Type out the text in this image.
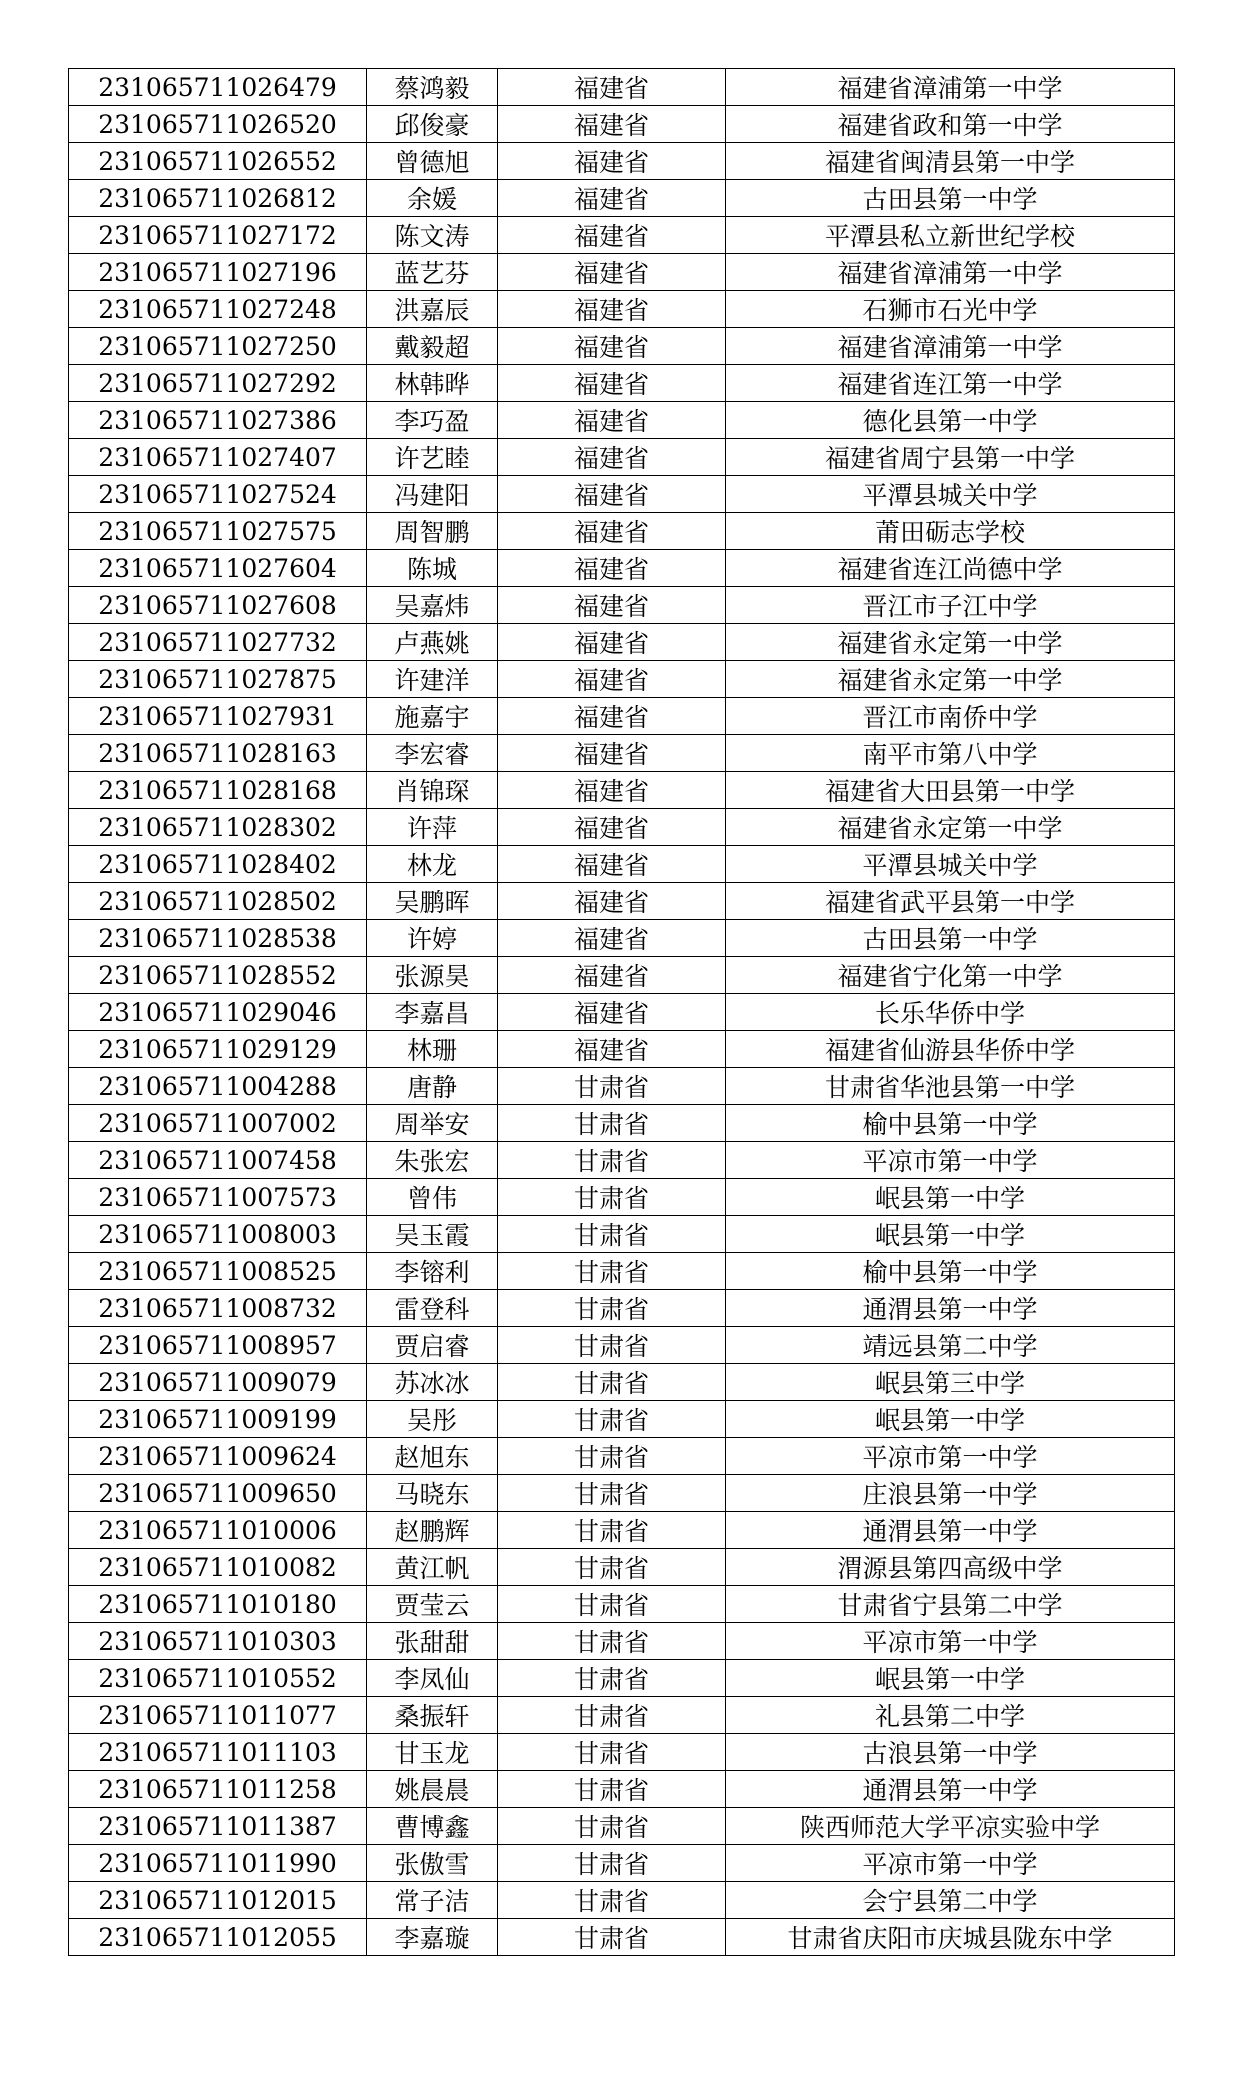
231065711026479	蔡鸿毅	福建省	福建省漳浦第一中学
231065711026520	邱俊豪	福建省	福建省政和第一中学
231065711026552	曾德旭	福建省	福建省闽清县第一中学
231065711026812	余媛	福建省	古田县第一中学
231065711027172	陈文涛	福建省	平潭县私立新世纪学校
231065711027196	蓝艺芬	福建省	福建省漳浦第一中学
231065711027248	洪嘉辰	福建省	石狮市石光中学
231065711027250	戴毅超	福建省	福建省漳浦第一中学
231065711027292	林韩晔	福建省	福建省连江第一中学
231065711027386	李巧盈	福建省	德化县第一中学
231065711027407	许艺睦	福建省	福建省周宁县第一中学
231065711027524	冯建阳	福建省	平潭县城关中学
231065711027575	周智鹏	福建省	莆田砺志学校
231065711027604	陈城	福建省	福建省连江尚德中学
231065711027608	吴嘉炜	福建省	晋江市子江中学
231065711027732	卢燕姚	福建省	福建省永定第一中学
231065711027875	许建洋	福建省	福建省永定第一中学
231065711027931	施嘉宇	福建省	晋江市南侨中学
231065711028163	李宏睿	福建省	南平市第八中学
231065711028168	肖锦琛	福建省	福建省大田县第一中学
231065711028302	许萍	福建省	福建省永定第一中学
231065711028402	林龙	福建省	平潭县城关中学
231065711028502	吴鹏晖	福建省	福建省武平县第一中学
231065711028538	许婷	福建省	古田县第一中学
231065711028552	张源昊	福建省	福建省宁化第一中学
231065711029046	李嘉昌	福建省	长乐华侨中学
231065711029129	林珊	福建省	福建省仙游县华侨中学
231065711004288	唐静	甘肃省	甘肃省华池县第一中学
231065711007002	周举安	甘肃省	榆中县第一中学
231065711007458	朱张宏	甘肃省	平凉市第一中学
231065711007573	曾伟	甘肃省	岷县第一中学
231065711008003	吴玉霞	甘肃省	岷县第一中学
231065711008525	李镕利	甘肃省	榆中县第一中学
231065711008732	雷登科	甘肃省	通渭县第一中学
231065711008957	贾启睿	甘肃省	靖远县第二中学
231065711009079	苏冰冰	甘肃省	岷县第三中学
231065711009199	吴彤	甘肃省	岷县第一中学
231065711009624	赵旭东	甘肃省	平凉市第一中学
231065711009650	马晓东	甘肃省	庄浪县第一中学
231065711010006	赵鹏辉	甘肃省	通渭县第一中学
231065711010082	黄江帆	甘肃省	渭源县第四高级中学
231065711010180	贾莹云	甘肃省	甘肃省宁县第二中学
231065711010303	张甜甜	甘肃省	平凉市第一中学
231065711010552	李凤仙	甘肃省	岷县第一中学
231065711011077	桑振轩	甘肃省	礼县第二中学
231065711011103	甘玉龙	甘肃省	古浪县第一中学
231065711011258	姚晨晨	甘肃省	通渭县第一中学
231065711011387	曹博鑫	甘肃省	陕西师范大学平凉实验中学
231065711011990	张傲雪	甘肃省	平凉市第一中学
231065711012015	常子洁	甘肃省	会宁县第二中学
231065711012055	李嘉璇	甘肃省	甘肃省庆阳市庆城县陇东中学
